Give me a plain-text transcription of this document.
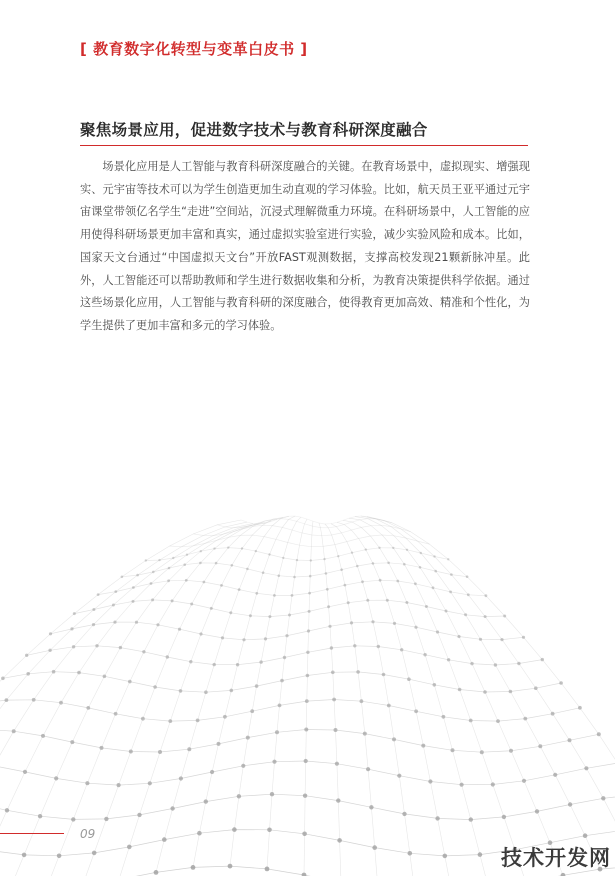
[ 教育数字化转型与变革白皮书 ]
聚焦场景应用，促进数字技术与教育科研深度融合

场景化应用是人工智能与教育科研深度融合的关键。在教育场景中，虚拟现实、增强现实、元宇宙等技术可以为学生创造更加生动直观的学习体验。比如，航天员王亚平通过元宇宙课堂带领亿名学生“走进”空间站，沉浸式理解微重力环境。在科研场景中，人工智能的应用使得科研场景更加丰富和真实，通过虚拟实验室进行实验，减少实验风险和成本。比如，国家天文台通过“中国虚拟天文台”开放FAST观测数据，支撑高校发现21颗新脉冲星。此外，人工智能还可以帮助教师和学生进行数据收集和分析，为教育决策提供科学依据。通过这些场景化应用，人工智能与教育科研的深度融合，使得教育更加高效、精准和个性化，为学生提供了更加丰富和多元的学习体验。

09
技术开发网
